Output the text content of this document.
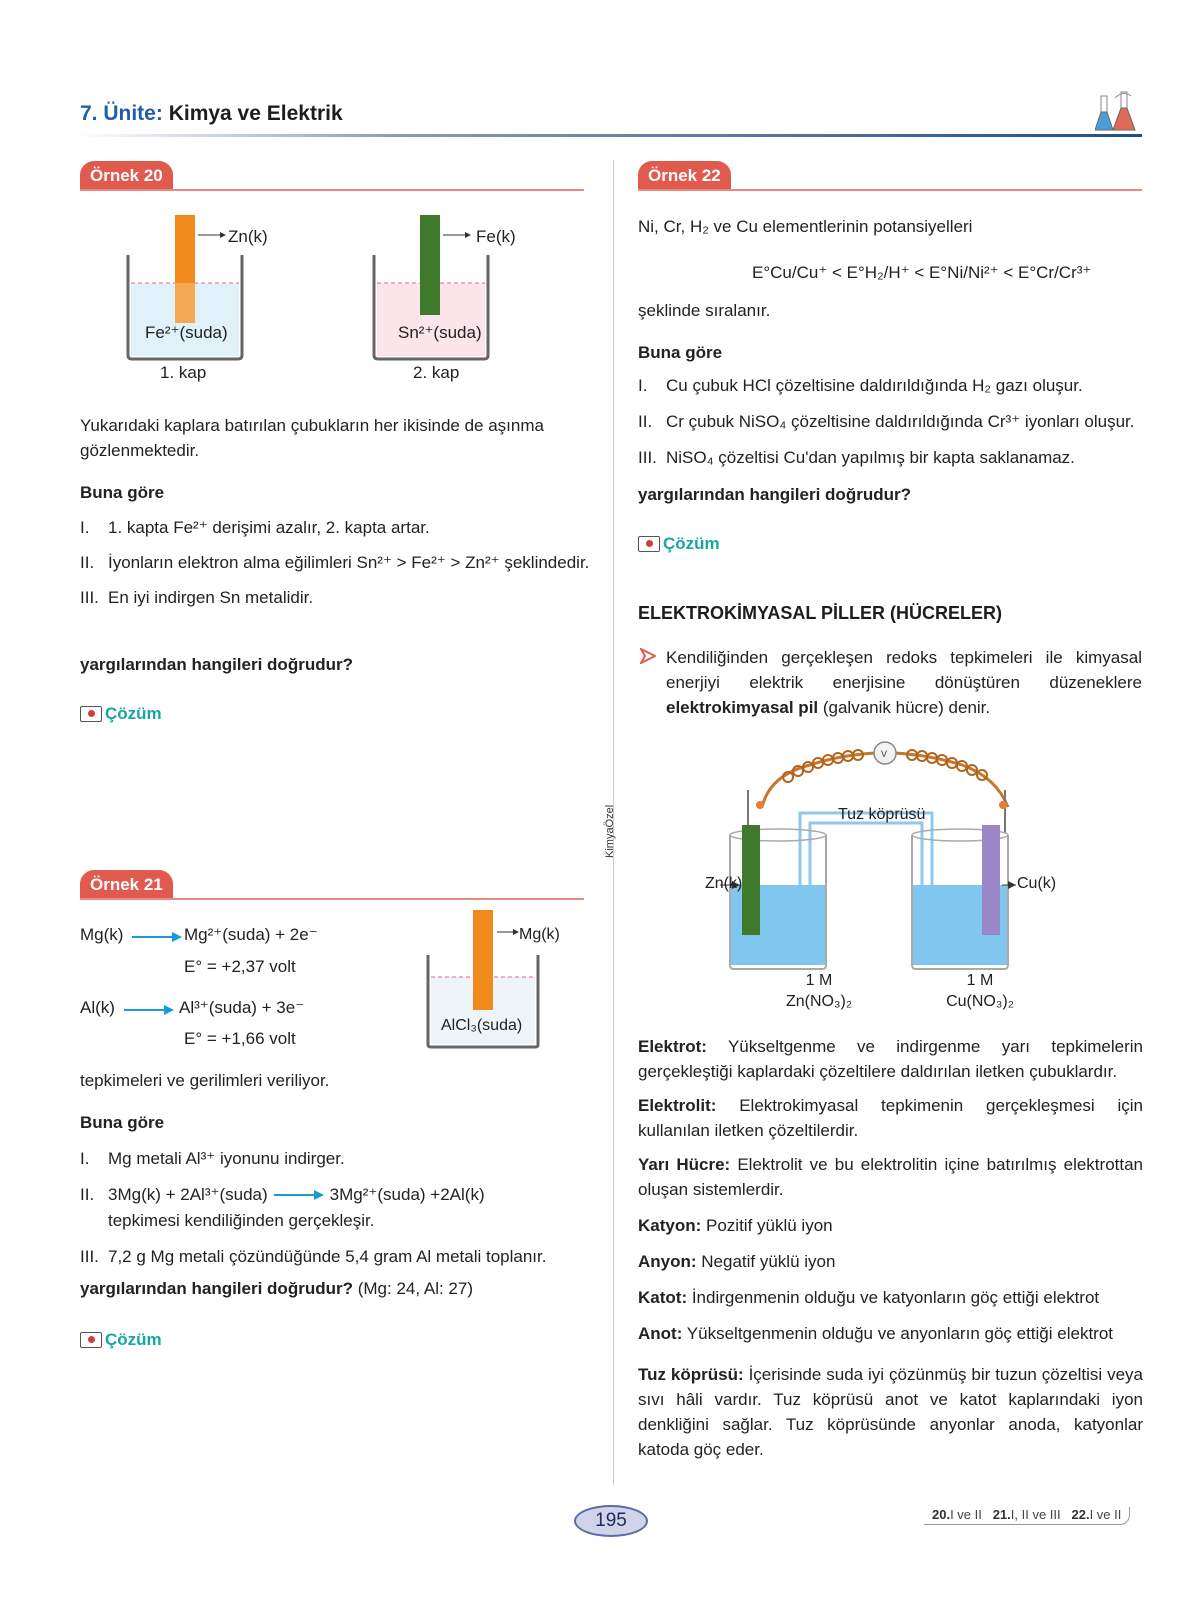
7. Ünite: Kimya ve Elektrik
KimyaÖzel
Örnek 20
Zn(k)
Fe²⁺(suda)
1. kap
Fe(k)
Sn²⁺(suda)
2. kap
Yukarıdaki kaplara batırılan çubukların her ikisinde de aşınma gözlenmektedir.
Buna göre
I.	1. kapta Fe²⁺ derişimi azalır, 2. kapta artar.
II. İyonların elektron alma eğilimleri Sn²⁺ > Fe²⁺ > Zn²⁺ şeklindedir.
III. En iyi indirgen Sn metalidir.
yargılarından hangileri doğrudur?
Çözüm
Örnek 21
Mg(k)	Mg²⁺(suda) + 2e⁻
E° = +2,37 volt
Al(k)	Al³⁺(suda) + 3e⁻
E° = +1,66 volt
Mg(k)
AlCl₃(suda)
tepkimeleri ve gerilimleri veriliyor.
Buna göre
I.	Mg metali Al³⁺ iyonunu indirger.
II. 3Mg(k) + 2Al³⁺(suda)	3Mg²⁺(suda) +2Al(k)
tepkimesi kendiliğinden gerçekleşir.
III. 7,2 g Mg metali çözündüğünde 5,4 gram Al metali toplanır.
yargılarından hangileri doğrudur? (Mg: 24, Al: 27)
Çözüm
Örnek 22
Ni, Cr, H₂ ve Cu elementlerinin potansiyelleri
E°Cu/Cu⁺ < E°H₂/H⁺ < E°Ni/Ni²⁺ < E°Cr/Cr³⁺
şeklinde sıralanır.
Buna göre
I.	Cu çubuk HCl çözeltisine daldırıldığında H₂ gazı oluşur.
II. Cr çubuk NiSO₄ çözeltisine daldırıldığında Cr³⁺ iyonları oluşur.
III. NiSO₄ çözeltisi Cu'dan yapılmış bir kapta saklanamaz.
yargılarından hangileri doğrudur?
Çözüm
ELEKTROKİMYASAL PİLLER (HÜCRELER)
Kendiliğinden gerçekleşen redoks tepkimeleri ile kimyasal enerjiyi elektrik enerjisine dönüştüren düzeneklere elektrokimyasal pil (galvanik hücre) denir.
V
Tuz köprüsü
Zn(k)	Cu(k)
1 M
Zn(NO₃)₂
1 M
Cu(NO₃)₂
Elektrot: Yükseltgenme ve indirgenme yarı tepkimelerin gerçekleştiği kaplardaki çözeltilere daldırılan iletken çubuklardır.
Elektrolit: Elektrokimyasal tepkimenin gerçekleşmesi için kullanılan iletken çözeltilerdir.
Yarı Hücre: Elektrolit ve bu elektrolitin içine batırılmış elektrottan oluşan sistemlerdir.
Katyon: Pozitif yüklü iyon
Anyon: Negatif yüklü iyon
Katot: İndirgenmenin olduğu ve katyonların göç ettiği elektrot
Anot: Yükseltgenmenin olduğu ve anyonların göç ettiği elektrot
Tuz köprüsü: İçerisinde suda iyi çözünmüş bir tuzun çözeltisi veya sıvı hâli vardır. Tuz köprüsü anot ve katot kaplarındaki iyon denkliğini sağlar. Tuz köprüsünde anyonlar anoda, katyonlar katoda göç eder.
195	20.I ve II 21.I, II ve III 22.I ve II
